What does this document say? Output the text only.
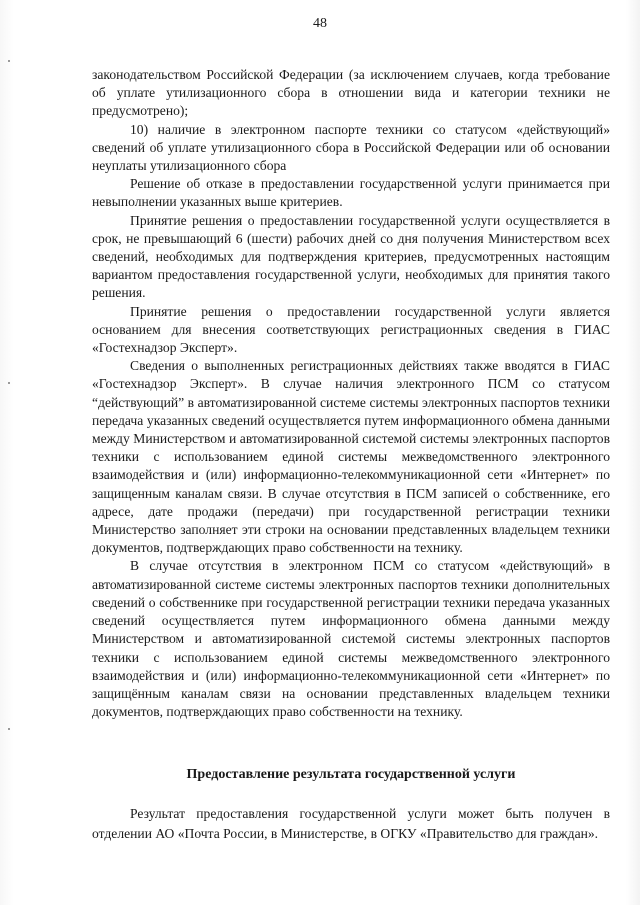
48

законодательством Российской Федерации (за исключением случаев, когда требование об уплате утилизационного сбора в отношении вида и категории техники не предусмотрено);

10) наличие в электронном паспорте техники со статусом «действующий» сведений об уплате утилизационного сбора в Российской Федерации или об основании неуплаты утилизационного сбора

Решение об отказе в предоставлении государственной услуги принимается при невыполнении указанных выше критериев.

Принятие решения о предоставлении государственной услуги осуществляется в срок, не превышающий 6 (шести) рабочих дней со дня получения Министерством всех сведений, необходимых для подтверждения критериев, предусмотренных настоящим вариантом предоставления государственной услуги, необходимых для принятия такого решения.

Принятие решения о предоставлении государственной услуги является основанием для внесения соответствующих регистрационных сведения в ГИАС «Гостехнадзор Эксперт».

Сведения о выполненных регистрационных действиях также вводятся в ГИАС «Гостехнадзор Эксперт». В случае наличия электронного ПСМ со статусом “действующий” в автоматизированной системе системы электронных паспортов техники передача указанных сведений осуществляется путем информационного обмена данными между Министерством и автоматизированной системой системы электронных паспортов техники с использованием единой системы межведомственного электронного взаимодействия и (или) информационно-телекоммуникационной сети «Интернет» по защищенным каналам связи. В случае отсутствия в ПСМ записей о собственнике, его адресе, дате продажи (передачи) при государственной регистрации техники Министерство заполняет эти строки на основании представленных владельцем техники документов, подтверждающих право собственности на технику.

В случае отсутствия в электронном ПСМ со статусом «действующий» в автоматизированной системе системы электронных паспортов техники дополнительных сведений о собственнике при государственной регистрации техники передача указанных сведений осуществляется путем информационного обмена данными между Министерством и автоматизированной системой системы электронных паспортов техники с использованием единой системы межведомственного электронного взаимодействия и (или) информационно-телекоммуникационной сети «Интернет» по защищённым каналам связи на основании представленных владельцем техники документов, подтверждающих право собственности на технику.

Предоставление результата государственной услуги

Результат предоставления государственной услуги может быть получен в отделении АО «Почта России, в Министерстве, в ОГКУ «Правительство для граждан».
